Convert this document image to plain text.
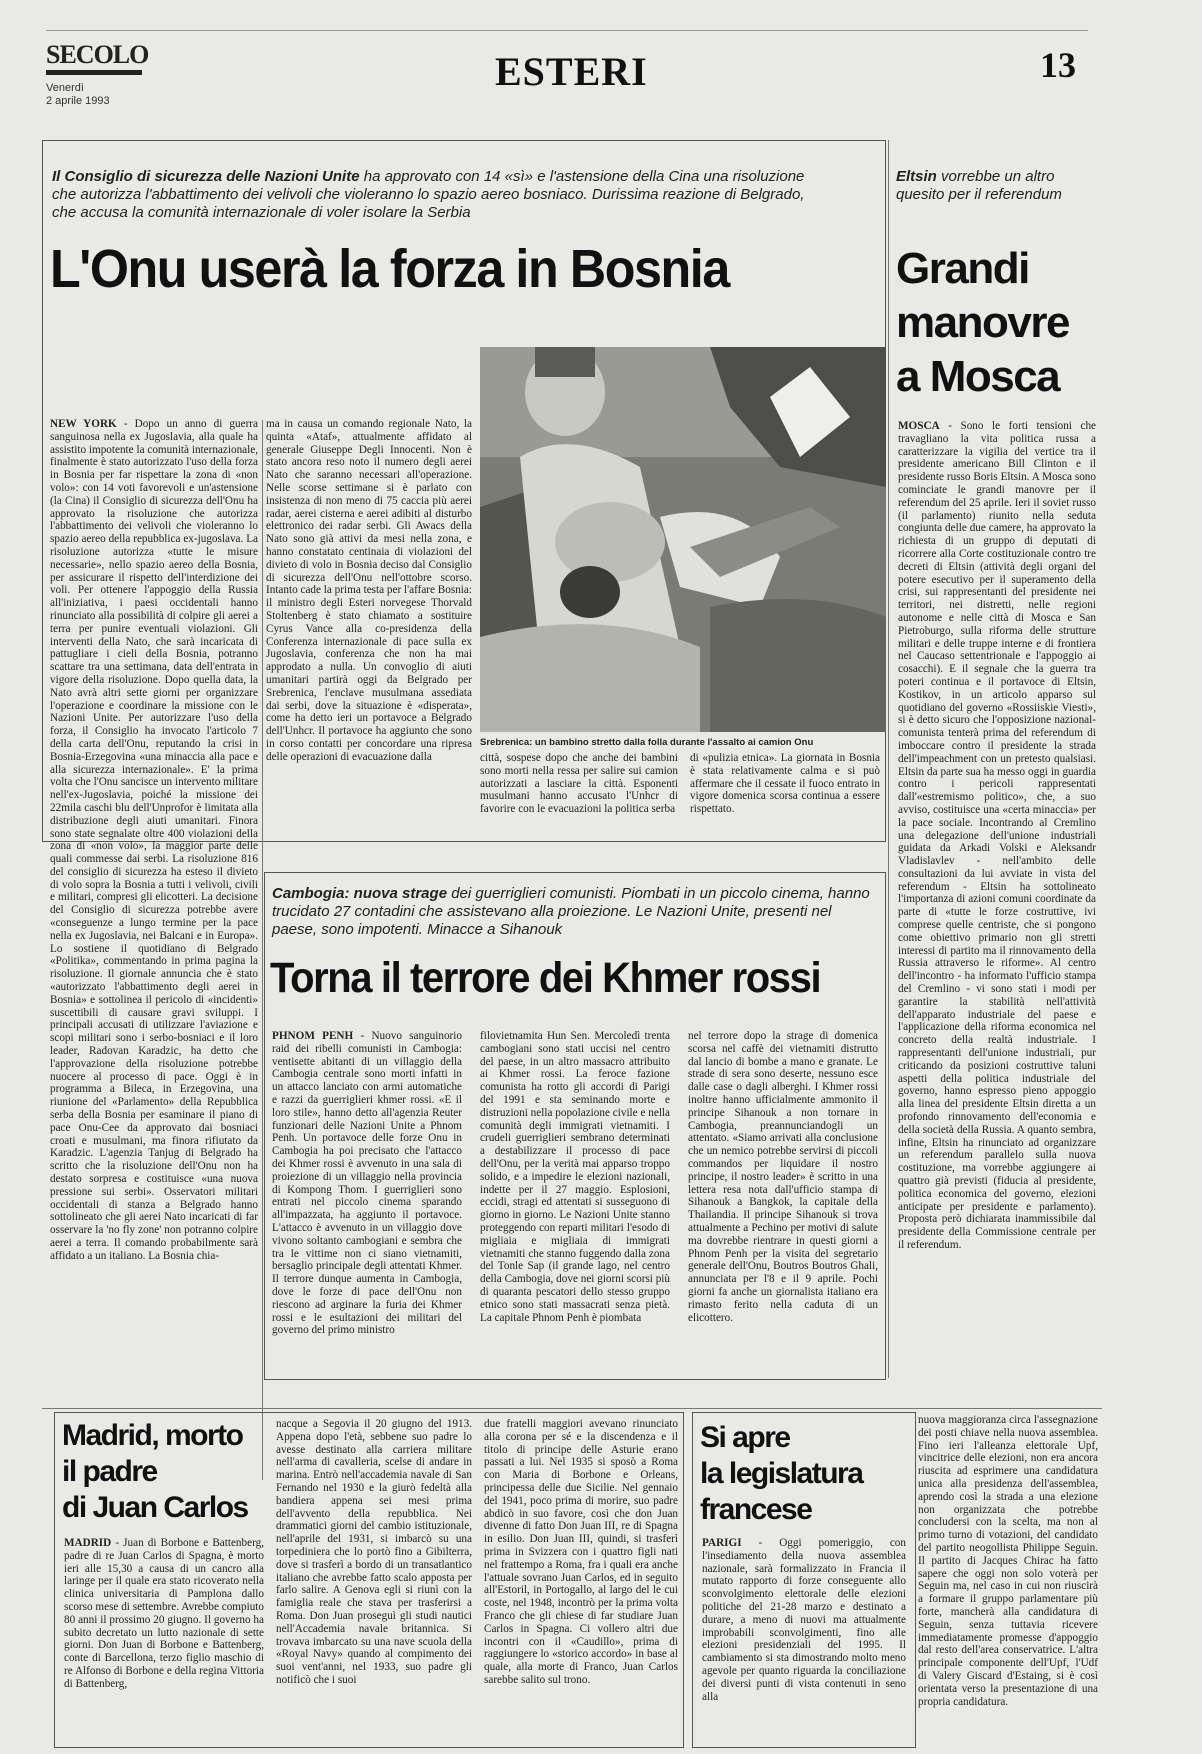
SECOLO
Venerdì
2 aprile 1993
ESTERI	13
Il Consiglio di sicurezza delle Nazioni Unite ha approvato con 14 «sì» e l'astensione della Cina una risoluzione che autorizza l'abbattimento dei velivoli che violeranno lo spazio aereo bosniaco. Durissima reazione di Belgrado, che accusa la comunità internazionale di voler isolare la Serbia
L'Onu userà la forza in Bosnia
Srebrenica: un bambino stretto dalla folla durante l'assalto ai camion Onu
NEW YORK - Dopo un anno di guerra sanguinosa nella ex Jugoslavia, alla quale ha assistito impotente la comunità internazionale, finalmente è stato autorizzato l'uso della forza in Bosnia per far rispettare la zona di «non volo»: con 14 voti favorevoli e un'astensione (la Cina) il Consiglio di sicurezza dell'Onu ha approvato la risoluzione che autorizza l'abbattimento dei velivoli che violeranno lo spazio aereo della repubblica ex-jugoslava. La risoluzione autorizza «tutte le misure necessarie», nello spazio aereo della Bosnia, per assicurare il rispetto dell'interdizione dei voli. Per ottenere l'appoggio della Russia all'iniziativa, i paesi occidentali hanno rinunciato alla possibilità di colpire gli aerei a terra per punire eventuali violazioni. Gli interventi della Nato, che sarà incaricata di pattugliare i cieli della Bosnia, potranno scattare tra una settimana, data dell'entrata in vigore della risoluzione. Dopo quella data, la Nato avrà altri sette giorni per organizzare l'operazione e coordinare la missione con le Nazioni Unite. Per autorizzare l'uso della forza, il Consiglio ha invocato l'articolo 7 della carta dell'Onu, reputando la crisi in Bosnia-Erzegovina «una minaccia alla pace e alla sicurezza internazionale». E' la prima volta che l'Onu sancisce un intervento militare nell'ex-Jugoslavia, poiché la missione dei 22mila caschi blu dell'Unprofor è limitata alla distribuzione degli aiuti umanitari. Finora sono state segnalate oltre 400 violazioni della zona di «non volo», la maggior parte delle quali commesse dai serbi. La risoluzione 816 del consiglio di sicurezza ha esteso il divieto di volo sopra la Bosnia a tutti i velivoli, civili e militari, compresi gli elicotteri. La decisione del Consiglio di sicurezza potrebbe avere «conseguenze a lungo termine per la pace nella ex Jugoslavia, nei Balcani e in Europa». Lo sostiene il quotidiano di Belgrado «Politika», commentando in prima pagina la risoluzione. Il giornale annuncia che è stato «autorizzato l'abbattimento degli aerei in Bosnia» e sottolinea il pericolo di «incidenti» suscettibili di causare gravi sviluppi. I principali accusati di utilizzare l'aviazione e scopi militari sono i serbo-bosniaci e il loro leader, Radovan Karadzic, ha detto che l'approvazione della risoluzione potrebbe nuocere al processo di pace. Oggi è in programma a Bileca, in Erzegovina, una riunione del «Parlamento» della Repubblica serba della Bosnia per esaminare il piano di pace Onu-Cee da approvato dai bosniaci croati e musulmani, ma finora rifiutato da Karadzic. L'agenzia Tanjug di Belgrado ha scritto che la risoluzione dell'Onu non ha destato sorpresa e costituisce «una nuova pressione sui serbi». Osservatori militari occidentali di stanza a Belgrado hanno sottolineato che gli aerei Nato incaricati di far osservare la 'no fly zone' non potranno colpire aerei a terra. Il comando probabilmente sarà affidato a un italiano. La Bosnia chia-
ma in causa un comando regionale Nato, la quinta «Ataf», attualmente affidato al generale Giuseppe Degli Innocenti. Non è stato ancora reso noto il numero degli aerei Nato che saranno necessari all'operazione. Nelle scorse settimane si è parlato con insistenza di non meno di 75 caccia più aerei radar, aerei cisterna e aerei adibiti al disturbo elettronico dei radar serbi. Gli Awacs della Nato sono già attivi da mesi nella zona, e hanno constatato centinaia di violazioni del divieto di volo in Bosnia deciso dal Consiglio di sicurezza dell'Onu nell'ottobre scorso. Intanto cade la prima testa per l'affare Bosnia: il ministro degli Esteri norvegese Thorvald Stoltenberg è stato chiamato a sostituire Cyrus Vance alla co-presidenza della Conferenza internazionale di pace sulla ex Jugoslavia, conferenza che non ha mai approdato a nulla. Un convoglio di aiuti umanitari partirà oggi da Belgrado per Srebrenica, l'enclave musulmana assediata dai serbi, dove la situazione è «disperata», come ha detto ieri un portavoce a Belgrado dell'Unhcr. Il portavoce ha aggiunto che sono in corso contatti per concordare una ripresa delle operazioni di evacuazione dalla	città, sospese dopo che anche dei bambini sono morti nella ressa per salire sui camion autorizzati a lasciare la città. Esponenti musulmani hanno accusato l'Unhcr di favorire con le evacuazioni la politica serba
di «pulizia etnica». La giornata in Bosnia è stata relativamente calma e si può affermare che il cessate il fuoco entrato in vigore domenica scorsa continua a essere rispettato.
Eltsin vorrebbe un altro quesito per il referendum
Grandi
manovre
a Mosca
MOSCA - Sono le forti tensioni che travagliano la vita politica russa a caratterizzare la vigilia del vertice tra il presidente americano Bill Clinton e il presidente russo Boris Eltsin. A Mosca sono cominciate le grandi manovre per il referendum del 25 aprile. Ieri il soviet russo (il parlamento) riunito nella seduta congiunta delle due camere, ha approvato la richiesta di un gruppo di deputati di ricorrere alla Corte costituzionale contro tre decreti di Eltsin (attività degli organi del potere esecutivo per il superamento della crisi, sui rappresentanti del presidente nei territori, nei distretti, nelle regioni autonome e nelle città di Mosca e San Pietroburgo, sulla riforma delle strutture militari e delle truppe interne e di frontiera nel Caucaso settentrionale e l'appoggio ai cosacchi). E il segnale che la guerra tra poteri continua e il portavoce di Eltsin, Kostikov, in un articolo apparso sul quotidiano del governo «Rossiiskie Viesti», si è detto sicuro che l'opposizione nazional-comunista tenterà prima del referendum di imboccare contro il presidente la strada dell'impeachment con un pretesto qualsiasi. Eltsin da parte sua ha messo oggi in guardia contro i pericoli rappresentati dall'«estremismo politico», che, a suo avviso, costituisce una «certa minaccia» per la pace sociale. Incontrando al Cremlino una delegazione dell'unione industriali guidata da Arkadi Volski e Aleksandr Vladislavlev - nell'ambito delle consultazioni da lui avviate in vista del referendum - Eltsin ha sottolineato l'importanza di azioni comuni coordinate da parte di «tutte le forze costruttive, ivi comprese quelle centriste, che si pongono come obiettivo primario non gli stretti interessi di partito ma il rinnovamento della Russia attraverso le riforme». Al centro dell'incontro - ha informato l'ufficio stampa del Cremlino - vi sono stati i modi per garantire la stabilità nell'attività dell'apparato industriale del paese e l'applicazione della riforma economica nel concreto della realtà industriale. I rappresentanti dell'unione industriali, pur criticando da posizioni costruttive taluni aspetti della politica industriale del governo, hanno espresso pieno appoggio alla linea del presidente Eltsin diretta a un profondo rinnovamento dell'economia e della società della Russia. A quanto sembra, infine, Eltsin ha rinunciato ad organizzare un referendum parallelo sulla nuova costituzione, ma vorrebbe aggiungere ai quattro già previsti (fiducia al presidente, politica economica del governo, elezioni anticipate per presidente e parlamento). Proposta però dichiarata inammissibile dal presidente della Commissione centrale per il referendum.
Cambogia: nuova strage dei guerriglieri comunisti. Piombati in un piccolo cinema, hanno trucidato 27 contadini che assistevano alla proiezione. Le Nazioni Unite, presenti nel paese, sono impotenti. Minacce a Sihanouk
Torna il terrore dei Khmer rossi
PHNOM PENH - Nuovo sanguinorio raid dei ribelli comunisti in Cambogia: ventisette abitanti di un villaggio della Cambogia centrale sono morti infatti in un attacco lanciato con armi automatiche e razzi da guerriglieri khmer rossi. «E il loro stile», hanno detto all'agenzia Reuter funzionari delle Nazioni Unite a Phnom Penh. Un portavoce delle forze Onu in Cambogia ha poi precisato che l'attacco dei Khmer rossi è avvenuto in una sala di proiezione di un villaggio nella provincia di Kompong Thom. I guerriglieri sono entrati nel piccolo cinema sparando all'impazzata, ha aggiunto il portavoce. L'attacco è avvenuto in un villaggio dove vivono soltanto cambogiani e sembra che tra le vittime non ci siano vietnamiti, bersaglio principale degli attentati Khmer. Il terrore dunque aumenta in Cambogia, dove le forze di pace dell'Onu non riescono ad arginare la furia dei Khmer rossi e le esultazioni dei militari del governo del primo ministro
filovietnamita Hun Sen. Mercoledì trenta cambogiani sono stati uccisi nel centro del paese, in un altro massacro attribuito ai Khmer rossi. La feroce fazione comunista ha rotto gli accordi di Parigi del 1991 e sta seminando morte e distruzioni nella popolazione civile e nella comunità degli immigrati vietnamiti. I crudeli guerriglieri sembrano determinati a destabilizzare il processo di pace dell'Onu, per la verità mai apparso troppo solido, e a impedire le elezioni nazionali, indette per il 27 maggio. Esplosioni, eccidi, stragi ed attentati si susseguono di giorno in giorno. Le Nazioni Unite stanno proteggendo con reparti militari l'esodo di migliaia e migliaia di immigrati vietnamiti che stanno fuggendo dalla zona del Tonle Sap (il grande lago, nel centro della Cambogia, dove nei giorni scorsi più di quaranta pescatori dello stesso gruppo etnico sono stati massacrati senza pietà. La capitale Phnom Penh è piombata
nel terrore dopo la strage di domenica scorsa nel caffè dei vietnamiti distrutto dal lancio di bombe a mano e granate. Le strade di sera sono deserte, nessuno esce dalle case o dagli alberghi. I Khmer rossi inoltre hanno ufficialmente ammonito il principe Sihanouk a non tornare in Cambogia, preannunciandogli un attentato. «Siamo arrivati alla conclusione che un nemico potrebbe servirsi di piccoli commandos per liquidare il nostro principe, il nostro leader» è scritto in una lettera resa nota dall'ufficio stampa di Sihanouk a Bangkok, la capitale della Thailandia. Il principe Sihanouk si trova attualmente a Pechino per motivi di salute ma dovrebbe rientrare in questi giorni a Phnom Penh per la visita del segretario generale dell'Onu, Boutros Boutros Ghali, annunciata per l'8 e il 9 aprile. Pochi giorni fa anche un giornalista italiano era rimasto ferito nella caduta di un elicottero.
Madrid, morto
il padre
di Juan Carlos
MADRID - Juan di Borbone e Battenberg, padre di re Juan Carlos di Spagna, è morto ieri alle 15,30 a causa di un cancro alla laringe per il quale era stato ricoverato nella clinica universitaria di Pamplona dallo scorso mese di settembre. Avrebbe compiuto 80 anni il prossimo 20 giugno. Il governo ha subito decretato un lutto nazionale di sette giorni. Don Juan di Borbone e Battenberg, conte di Barcellona, terzo figlio maschio di re Alfonso di Borbone e della regina Vittoria di Battenberg,
nacque a Segovia il 20 giugno del 1913. Appena dopo l'età, sebbene suo padre lo avesse destinato alla carriera militare nell'arma di cavalleria, scelse di andare in marina. Entrò nell'accademia navale di San Fernando nel 1930 e la giurò fedeltà alla bandiera appena sei mesi prima dell'avvento della repubblica. Nei drammatici giorni del cambio istituzionale, nell'aprile del 1931, si imbarcò su una torpediniera che lo portò fino a Gibilterra, dove si trasferì a bordo di un transatlantico italiano che avrebbe fatto scalo apposta per farlo salire. A Genova egli si riunì con la famiglia reale che stava per trasferirsi a Roma. Don Juan proseguì gli studi nautici nell'Accademia navale britannica. Si trovava imbarcato su una nave scuola della «Royal Navy» quando al compimento dei suoi vent'anni, nel 1933, suo padre gli notificò che i suoi
due fratelli maggiori avevano rinunciato alla corona per sé e la discendenza e il titolo di principe delle Asturie erano passati a lui. Nel 1935 si sposò a Roma con Maria di Borbone e Orleans, principessa delle due Sicilie. Nel gennaio del 1941, poco prima di morire, suo padre abdicò in suo favore, così che don Juan divenne di fatto Don Juan III, re di Spagna in esilio. Don Juan III, quindi, si trasferì prima in Svizzera con i quattro figli nati nel frattempo a Roma, fra i quali era anche l'attuale sovrano Juan Carlos, ed in seguito all'Estoril, in Portogallo, al largo del le cui coste, nel 1948, incontrò per la prima volta Franco che gli chiese di far studiare Juan Carlos in Spagna. Ci vollero altri due incontri con il «Caudillo», prima di raggiungere lo «storico accordo» in base al quale, alla morte di Franco, Juan Carlos sarebbe salito sul trono.
Si apre
la legislatura
francese
PARIGI - Oggi pomeriggio, con l'insediamento della nuova assemblea nazionale, sarà formalizzato in Francia il mutato rapporto di forze conseguente allo sconvolgimento elettorale delle elezioni politiche del 21-28 marzo e destinato a durare, a meno di nuovi ma attualmente improbabili sconvolgimenti, fino alle elezioni presidenziali del 1995. Il cambiamento si sta dimostrando molto meno agevole per quanto riguarda la conciliazione dei diversi punti di vista contenuti in seno alla
nuova maggioranza circa l'assegnazione dei posti chiave nella nuova assemblea. Fino ieri l'alleanza elettorale Upf, vincitrice delle elezioni, non era ancora riuscita ad esprimere una candidatura unica alla presidenza dell'assemblea, aprendo così la strada a una elezione non organizzata che potrebbe concludersi con la scelta, ma non al primo turno di votazioni, del candidato del partito neogollista Philippe Seguin. Il partito di Jacques Chirac ha fatto sapere che oggi non solo voterà per Seguin ma, nel caso in cui non riuscirà a formare il gruppo parlamentare più forte, mancherà alla candidatura di Seguin, senza tuttavia ricevere immediatamente promesse d'appoggio dal resto dell'area conservatrice. L'altra principale componente dell'Upf, l'Udf di Valery Giscard d'Estaing, si è così orientata verso la presentazione di una propria candidatura.
